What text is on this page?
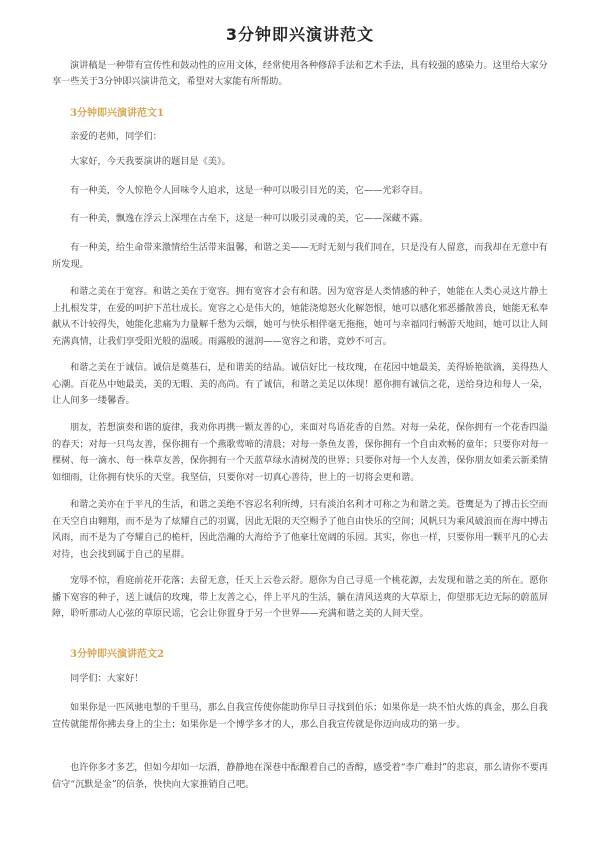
3分钟即兴演讲范文

演讲稿是一种带有宣传性和鼓动性的应用文体，经常使用各种修辞手法和艺术手法，具有较强的感染力。这里给大家分享一些关于3分钟即兴演讲范文，希望对大家能有所帮助。

3分钟即兴演讲范文1

亲爱的老师，同学们：

大家好，今天我要演讲的题目是《美》。

有一种美，令人惊艳令人回味令人追求，这是一种可以吸引目光的美，它——光彩夺目。

有一种美，飘逸在浮云上深埋在古垒下，这是一种可以吸引灵魂的美，它——深藏不露。

有一种美，给生命带来激情给生活带来温馨，和谐之美——无时无刻与我们同在，只是没有人留意，而我却在无意中有所发现。

和谐之美在于宽容。和谐之美在于宽容。拥有宽容才会有和谐。因为宽容是人类情感的种子，她能在人类心灵这片静土上扎根发芽，在爱的呵护下茁壮成长。宽容之心是伟大的，她能浇熄怒火化解怨恨，她可以感化邪恶播散善良，她能无私奉献从不计较得失，她能化悲痛为力量解千愁为云烟，她可与快乐相伴毫无拖拖，她可与幸福同行畅游天地间，她可以让人间充满真情，让我们享受阳光般的温暖。雨露般的滋润——宽容之和谐，竟妙不可言。

和谐之美在于诚信。诚信是奠基石，是和谐美的结晶。诚信好比一枝玫瑰，在花园中她最美，美得娇艳欲滴，美得热人心潮。百花丛中她最美，美的无暇、美的高尚。有了诚信，和谐之美足以体现！愿你拥有诚信之花，送给身边和每人一朵，让人间多一缕馨香。

朋友，若想演奏和谐的旋律，我劝你再携一颗友善的心，来面对鸟语花香的自然。对每一朵花，保你拥有一个花香四溢的春天；对每一只鸟友善，保你拥有一个燕歌莺啼的清晨；对每一条鱼友善，保你拥有一个自由欢畅的童年；只要你对每一棵树、每一滴水、每一株草友善，保你拥有一个天蓝草绿水清树茂的世界；只要你对每一个人友善，保你朋友如柔云新柔情如细雨，让你拥有快乐的天堂。我坚信，只要你对一切真心善待，世上的一切将会更和谐。

和谐之美亦在于平凡的生活，和谐之美绝不容忍名利所缚，只有淡泊名利才可称之为和谐之美。苍鹰是为了搏击长空而在天空自由翱翔，而不是为了炫耀自己的羽翼，因此无限的天空赐予了他自由快乐的空间；风帆只为乘风破浪而在海中搏击风雨，而不是为了夸耀自己的桅杆，因此浩瀚的大海给予了他豪壮宽阔的乐园。其实，你也一样，只要你用一颗平凡的心去对待，也会找到属于自己的星群。

宠辱不惊，看庭前花开花落；去留无意，任天上云卷云舒。愿你为自己寻觅一个桃花源，去发现和谐之美的所在。愿你播下宽容的种子，送上诚信的玫瑰，带上友善之心，伴上平凡的生活，躺在清风送爽的大草原上，仰望那无边无际的蔚蓝屏障，聆听那动人心弦的草原民谣，它会让你置身于另一个世界——充满和谐之美的人间天堂。

3分钟即兴演讲范文2

同学们：大家好！

如果你是一匹风驰电掣的千里马，那么自我宣传使你能助你早日寻找到伯乐；如果你是一块不怕火炼的真金，那么自我宣传就能帮你拂去身上的尘土；如果你是一个博学多才的人，那么自我宣传就是你迈向成功的第一步。

也许你多才多艺，但如今却如一坛酒，静静地在深巷中酝酿着自己的香醇，感受着“李广难封”的悲哀，那么请你不要再信守“沉默是金”的信条，快快向大家推销自己吧。
